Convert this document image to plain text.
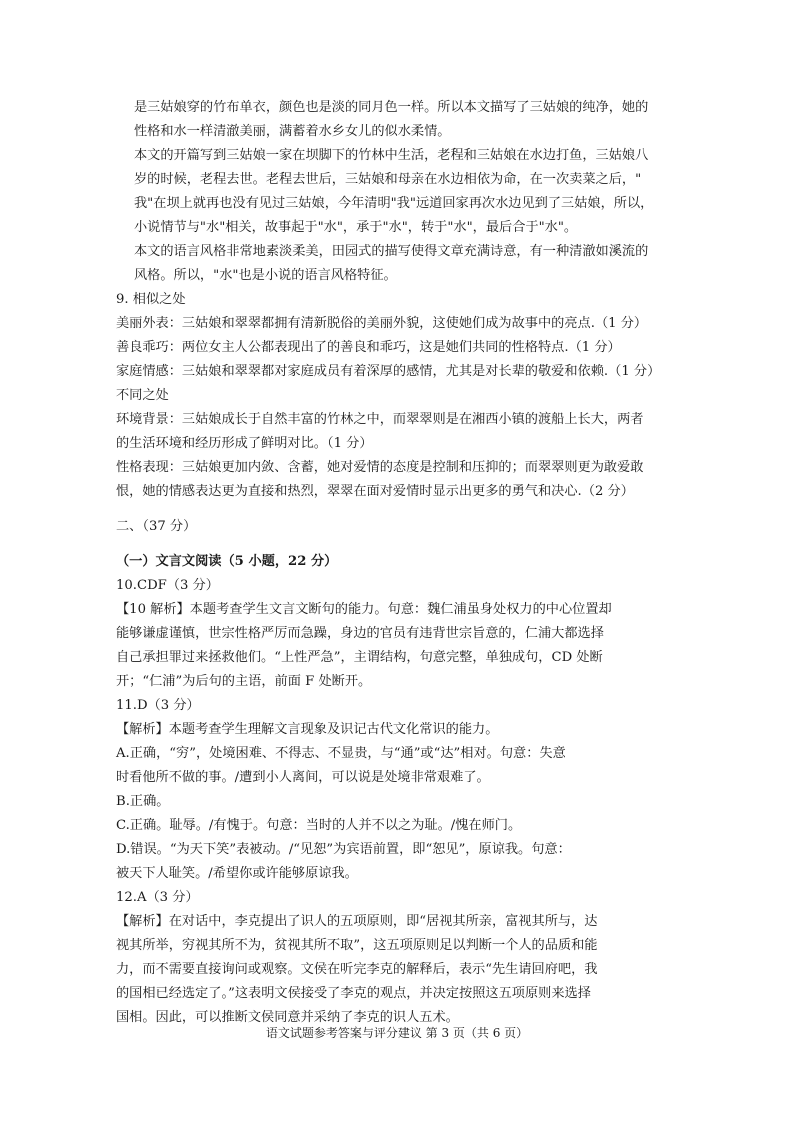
是三姑娘穿的竹布单衣，颜色也是淡的同月色一样。所以本文描写了三姑娘的纯净，她的

性格和水一样清澈美丽，满蓄着水乡女儿的似水柔情。

本文的开篇写到三姑娘一家在坝脚下的竹林中生活，老程和三姑娘在水边打鱼，三姑娘八

岁的时候，老程去世。老程去世后，三姑娘和母亲在水边相依为命，在一次卖菜之后，"

我"在坝上就再也没有见过三姑娘，今年清明"我"远道回家再次水边见到了三姑娘，所以，

小说情节与"水"相关，故事起于"水"，承于"水"，转于"水"，最后合于"水"。

本文的语言风格非常地素淡柔美，田园式的描写使得文章充满诗意，有一种清澈如溪流的

风格。所以，"水"也是小说的语言风格特征。

9. 相似之处

美丽外表：三姑娘和翠翠都拥有清新脱俗的美丽外貌，这使她们成为故事中的亮点.（1 分）

善良乖巧：两位女主人公都表现出了的善良和乖巧，这是她们共同的性格特点.（1 分）

家庭情感：三姑娘和翠翠都对家庭成员有着深厚的感情，尤其是对长辈的敬爱和依赖.（1 分）

不同之处

环境背景：三姑娘成长于自然丰富的竹林之中，而翠翠则是在湘西小镇的渡船上长大，两者

的生活环境和经历形成了鲜明对比。（1 分）

性格表现：三姑娘更加内敛、含蓄，她对爱情的态度是控制和压抑的；而翠翠则更为敢爱敢

恨，她的情感表达更为直接和热烈，翠翠在面对爱情时显示出更多的勇气和决心.（2 分）

二、（37 分）

（一）文言文阅读（5 小题，22 分）

10.CDF（3 分）

【10 解析】本题考查学生文言文断句的能力。句意：魏仁浦虽身处权力的中心位置却

能够谦虚谨慎，世宗性格严厉而急躁，身边的官员有违背世宗旨意的，仁浦大都选择

自己承担罪过来拯救他们。“上性严急”，主谓结构，句意完整，单独成句，CD 处断

开；“仁浦”为后句的主语，前面 F 处断开。

11.D（3 分）

【解析】本题考查学生理解文言现象及识记古代文化常识的能力。

A.正确，“穷”，处境困难、不得志、不显贵，与“通”或“达”相对。句意：失意

时看他所不做的事。/遭到小人离间，可以说是处境非常艰难了。

B.正确。

C.正确。耻辱。/有愧于。句意：当时的人并不以之为耻。/愧在师门。

D.错误。“为天下笑”表被动。/“见恕”为宾语前置，即“恕见”，原谅我。句意：

被天下人耻笑。/希望你或许能够原谅我。

12.A（3 分）

【解析】在对话中，李克提出了识人的五项原则，即“居视其所亲，富视其所与，达

视其所举，穷视其所不为，贫视其所不取”，这五项原则足以判断一个人的品质和能

力，而不需要直接询问或观察。文侯在听完李克的解释后，表示“先生请回府吧，我

的国相已经选定了。”这表明文侯接受了李克的观点，并决定按照这五项原则来选择

国相。因此，可以推断文侯同意并采纳了李克的识人五术。

语文试题参考答案与评分建议 第 3 页（共 6 页）
